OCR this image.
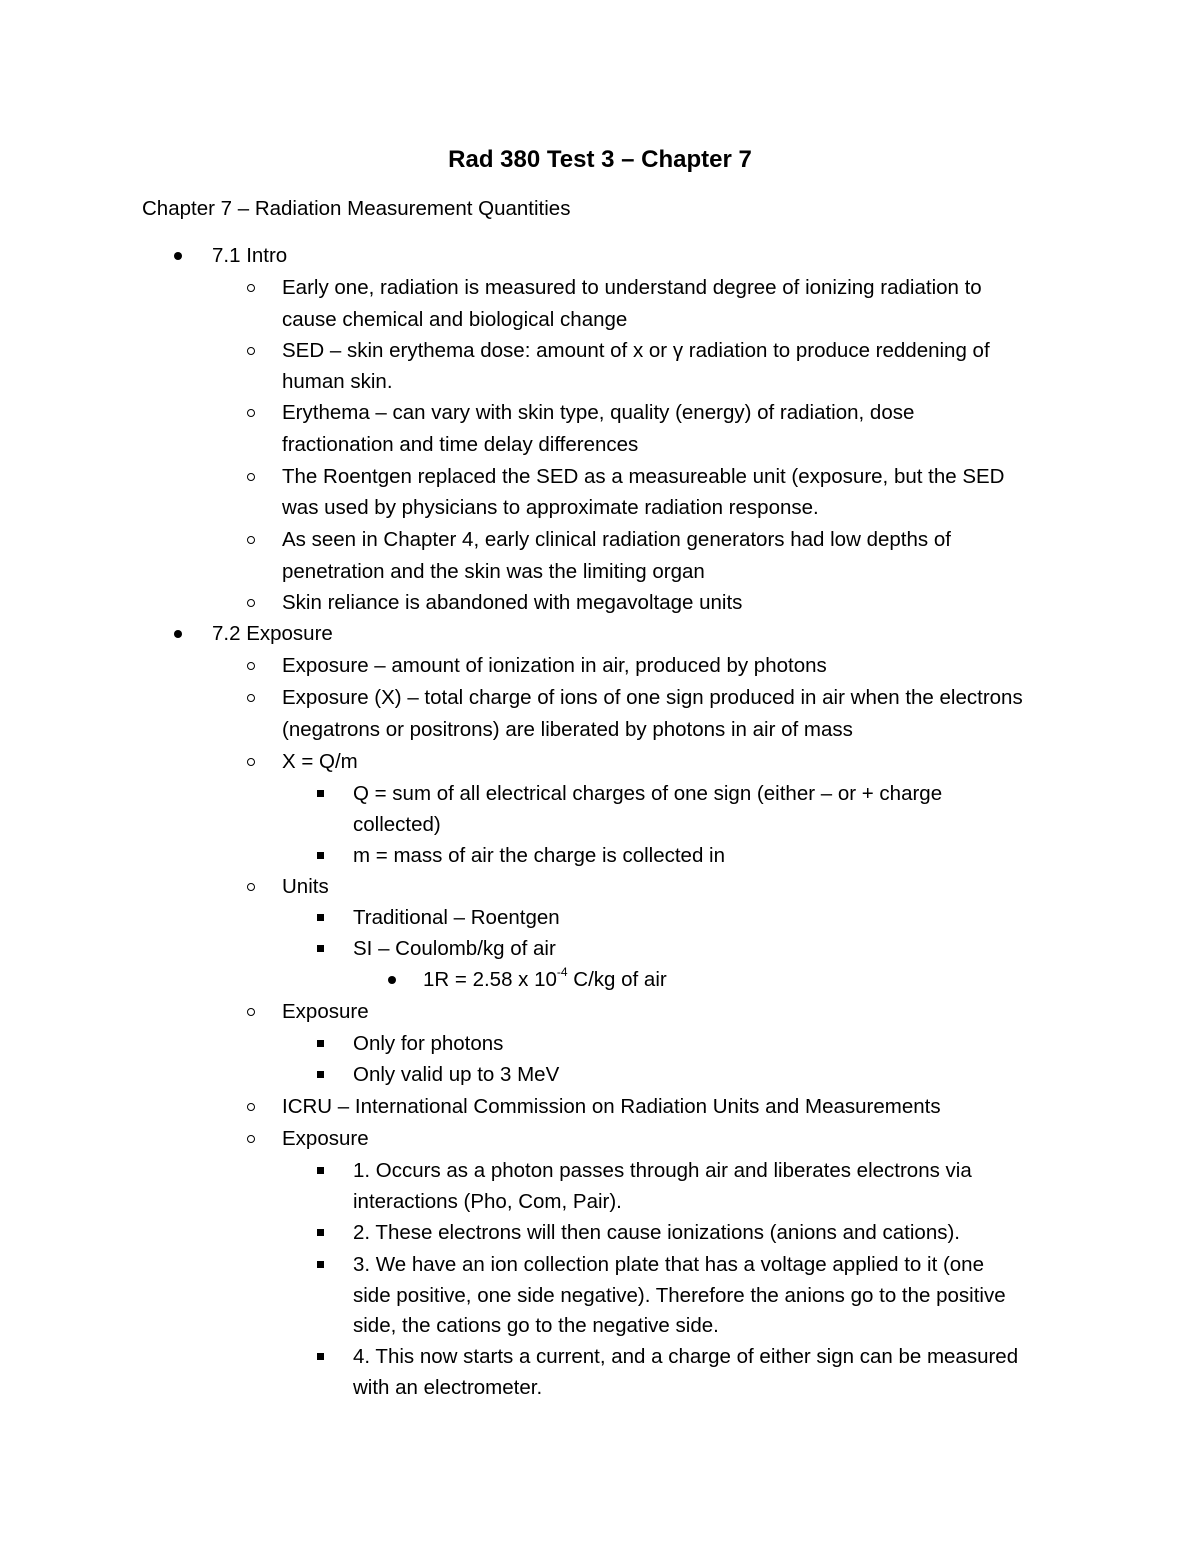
Rad 380 Test 3 – Chapter 7

Chapter 7 – Radiation Measurement Quantities

7.1 Intro
Early one, radiation is measured to understand degree of ionizing radiation to
cause chemical and biological change
SED – skin erythema dose: amount of x or γ radiation to produce reddening of
human skin.
Erythema – can vary with skin type, quality (energy) of radiation, dose
fractionation and time delay differences
The Roentgen replaced the SED as a measureable unit (exposure, but the SED
was used by physicians to approximate radiation response.
As seen in Chapter 4, early clinical radiation generators had low depths of
penetration and the skin was the limiting organ
Skin reliance is abandoned with megavoltage units
7.2 Exposure
Exposure – amount of ionization in air, produced by photons
Exposure (X) – total charge of ions of one sign produced in air when the electrons
(negatrons or positrons) are liberated by photons in air of mass
X = Q/m
Q = sum of all electrical charges of one sign (either – or + charge
collected)
m = mass of air the charge is collected in
Units
Traditional – Roentgen
SI – Coulomb/kg of air
1R = 2.58 x $10^{-4}$ C/kg of air
Exposure
Only for photons
Only valid up to 3 MeV
ICRU – International Commission on Radiation Units and Measurements
Exposure
1. Occurs as a photon passes through air and liberates electrons via
interactions (Pho, Com, Pair).
2. These electrons will then cause ionizations (anions and cations).
3. We have an ion collection plate that has a voltage applied to it (one
side positive, one side negative). Therefore the anions go to the positive
side, the cations go to the negative side.
4. This now starts a current, and a charge of either sign can be measured
with an electrometer.
